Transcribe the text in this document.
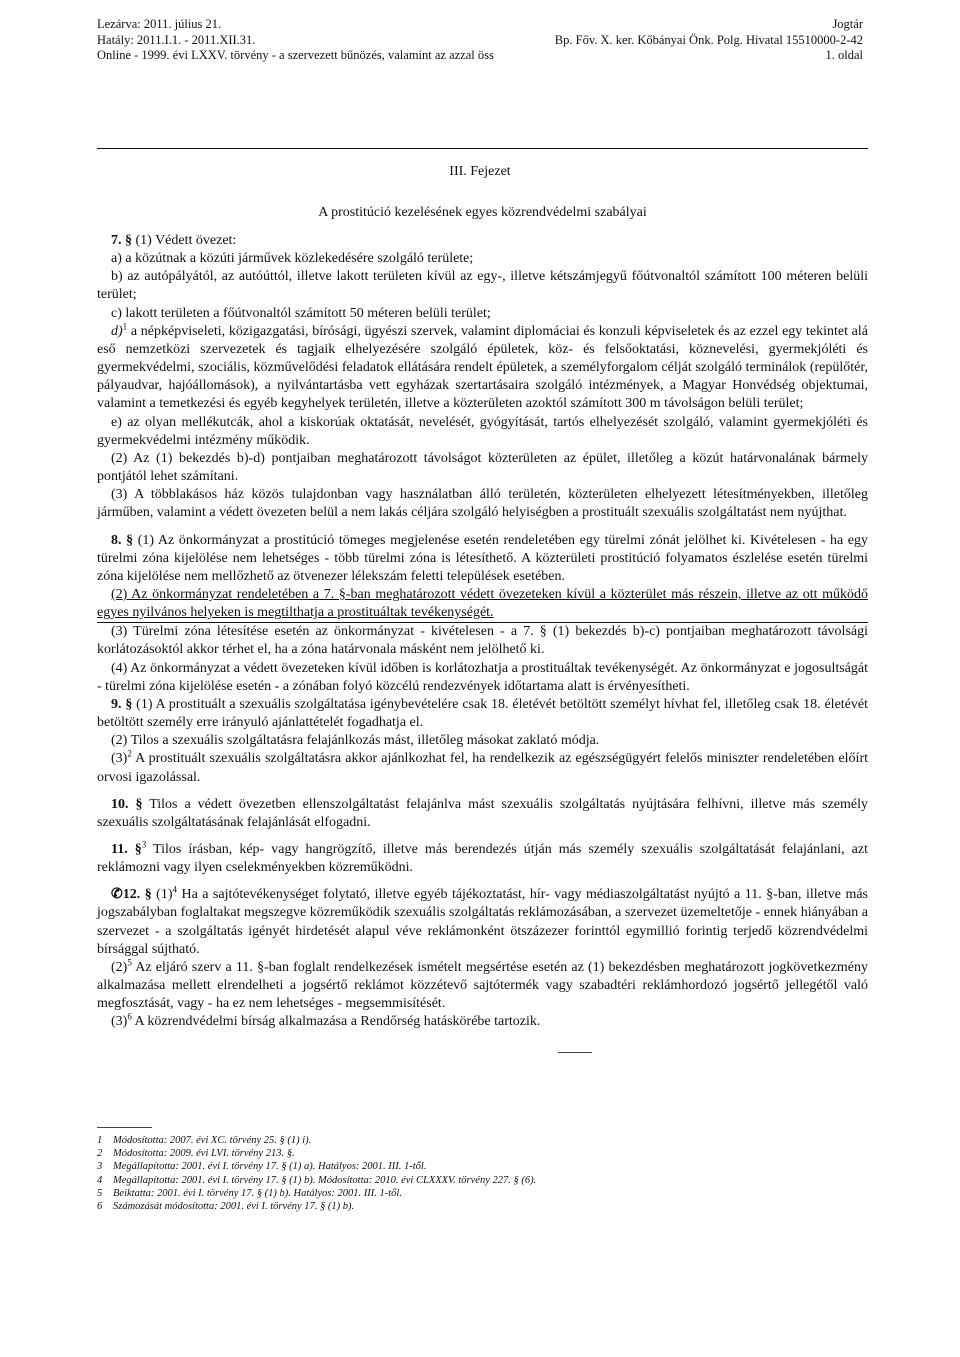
Lezárva: 2011. július 21.
Hatály: 2011.I.1. - 2011.XII.31.
Online - 1999. évi LXXV. törvény - a szervezett bűnözés, valamint az azzal öss
Jogtár
Bp. Főv. X. ker. Kőbányai Önk. Polg. Hivatal 15510000-2-42
1. oldal
III. Fejezet
A prostitúció kezelésének egyes közrendvédelmi szabályai

7. § (1) Védett övezet:

a) a közútnak a közúti járművek közlekedésére szolgáló területe;

b) az autópályától, az autóúttól, illetve lakott területen kívül az egy-, illetve kétszámjegyű főútvonaltól számított 100 méteren belüli terület;

c) lakott területen a főútvonaltól számított 50 méteren belüli terület;

d)$^1$ a népképviseleti, közigazgatási, bírósági, ügyészi szervek, valamint diplomáciai és konzuli képviseletek és az ezzel egy tekintet alá eső nemzetközi szervezetek és tagjaik elhelyezésére szolgáló épületek, köz- és felsőoktatási, köznevelési, gyermekjóléti és gyermekvédelmi, szociális, közművelődési feladatok ellátására rendelt épületek, a személyforgalom célját szolgáló terminálok (repülőtér, pályaudvar, hajóállomások), a nyilvántartásba vett egyházak szertartásaira szolgáló intézmények, a Magyar Honvédség objektumai, valamint a temetkezési és egyéb kegyhelyek területén, illetve a közterületen azoktól számított 300 m távolságon belüli terület;

e) az olyan mellékutcák, ahol a kiskorúak oktatását, nevelését, gyógyítását, tartós elhelyezését szolgáló, valamint gyermekjóléti és gyermekvédelmi intézmény működik.

(2) Az (1) bekezdés b)-d) pontjaiban meghatározott távolságot közterületen az épület, illetőleg a közút határvonalának bármely pontjától lehet számítani.

(3) A többlakásos ház közös tulajdonban vagy használatban álló területén, közterületen elhelyezett létesítményekben, illetőleg járműben, valamint a védett övezeten belül a nem lakás céljára szolgáló helyiségben a prostituált szexuális szolgáltatást nem nyújthat.

8. § (1) Az önkormányzat a prostitúció tömeges megjelenése esetén rendeletében egy türelmi zónát jelölhet ki. Kivételesen - ha egy türelmi zóna kijelölése nem lehetséges - több türelmi zóna is létesíthető. A közterületi prostitúció folyamatos észlelése esetén türelmi zóna kijelölése nem mellőzhető az ötvenezer lélekszám feletti települések esetében.

(2) Az önkormányzat rendeletében a 7. §-ban meghatározott védett övezeteken kívül a közterület más részein, illetve az ott működő egyes nyilvános helyeken is megtilthatja a prostituáltak tevékenységét.

(3) Türelmi zóna létesítése esetén az önkormányzat - kivételesen - a 7. § (1) bekezdés b)-c) pontjaiban meghatározott távolsági korlátozásoktól akkor térhet el, ha a zóna határvonala másként nem jelölhető ki.

(4) Az önkormányzat a védett övezeteken kívül időben is korlátozhatja a prostituáltak tevékenységét. Az önkormányzat e jogosultságát - türelmi zóna kijelölése esetén - a zónában folyó közcélú rendezvények időtartama alatt is érvényesítheti.

9. § (1) A prostituált a szexuális szolgáltatása igénybevételére csak 18. életévét betöltött személyt hívhat fel, illetőleg csak 18. életévét betöltött személy erre irányuló ajánlattételét fogadhatja el.

(2) Tilos a szexuális szolgáltatásra felajánlkozás mást, illetőleg másokat zaklató módja.

$(3)^2$ A prostituált szexuális szolgáltatásra akkor ajánlkozhat fel, ha rendelkezik az egészségügyért felelős miniszter rendeletében előírt orvosi igazolással.

10. § Tilos a védett övezetben ellenszolgáltatást felajánlva mást szexuális szolgáltatás nyújtására felhívni, illetve más személy szexuális szolgáltatásának felajánlását elfogadni.

11. §$^3$ Tilos írásban, kép- vagy hangrögzítő, illetve más berendezés útján más személy szexuális szolgáltatását felajánlani, azt reklámozni vagy ilyen cselekményekben közreműködni.

✆12. § $(1)^4$ Ha a sajtótevékenységet folytató, illetve egyéb tájékoztatást, hír- vagy médiaszolgáltatást nyújtó a 11. §-ban, illetve más jogszabályban foglaltakat megszegve közreműködik szexuális szolgáltatás reklámozásában, a szervezet üzemeltetője - ennek hiányában a szervezet - a szolgáltatás igényét hirdetését alapul véve reklámonként ötszázezer forinttól egymillió forintig terjedő közrendvédelmi bírsággal sújtható.

$(2)^5$ Az eljáró szerv a 11. §-ban foglalt rendelkezések ismételt megsértése esetén az (1) bekezdésben meghatározott jogkövetkezmény alkalmazása mellett elrendelheti a jogsértő reklámot közzétevő sajtótermék vagy szabadtéri reklámhordozó jogsértő jellegétől való megfosztását, vagy - ha ez nem lehetséges - megsemmisítését.

$(3)^6$ A közrendvédelmi bírság alkalmazása a Rendőrség hatáskörébe tartozik.

1	Módosította: 2007. évi XC. törvény 25. § (1) i).
2	Módosította: 2009. évi LVI. törvény 213. §.
3	Megállapította: 2001. évi I. törvény 17. § (1) a). Hatályos: 2001. III. 1-től.
4	Megállapította: 2001. évi I. törvény 17. § (1) b). Módosította: 2010. évi CLXXXV. törvény 227. § (6).
5	Beiktatta: 2001. évi I. törvény 17. § (1) b). Hatályos: 2001. III. 1-től.
6	Számozását módosította: 2001. évi I. törvény 17. § (1) b).
